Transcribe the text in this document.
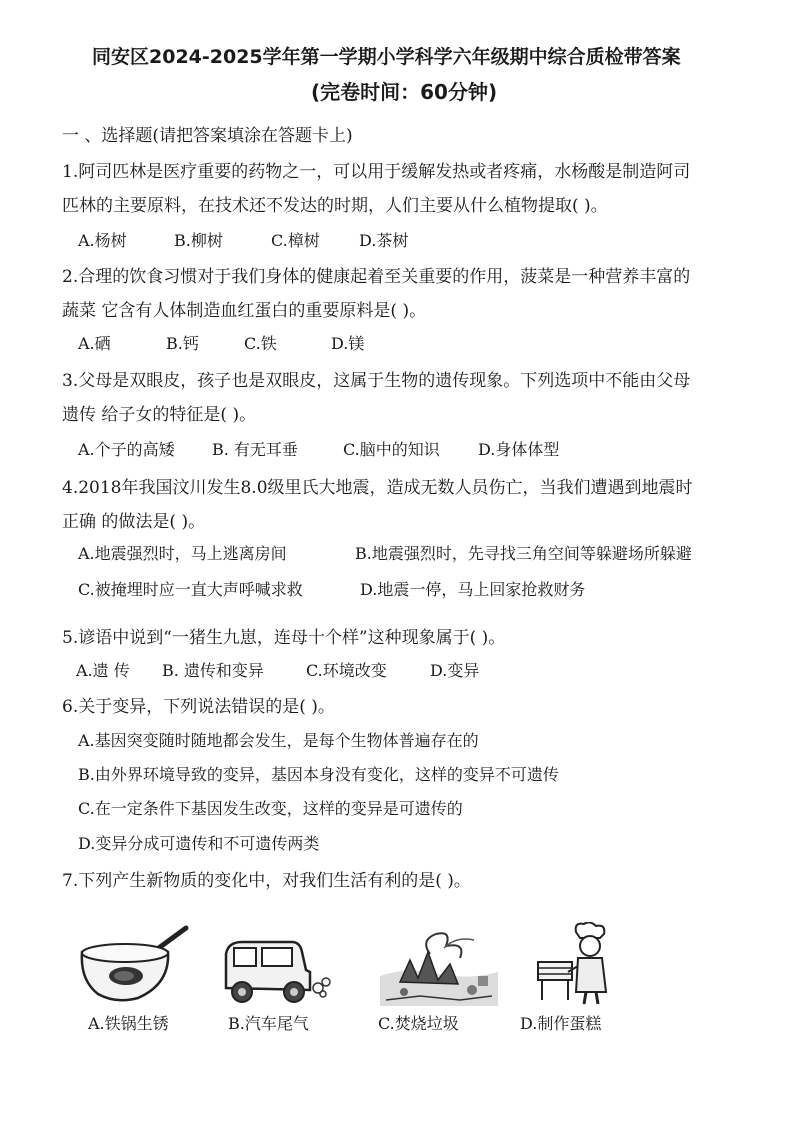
同安区2024-2025学年第一学期小学科学六年级期中综合质检带答案
(完卷时间：60分钟)
一 、选择题(请把答案填涂在答题卡上)
1.阿司匹林是医疗重要的药物之一，可以用于缓解发热或者疼痛，水杨酸是制造阿司
匹林的主要原料，在技术还不发达的时期，人们主要从什么植物提取( )。
A.杨树	B.柳树	C.樟树 D.茶树
2.合理的饮食习惯对于我们身体的健康起着至关重要的作用，菠菜是一种营养丰富的
蔬菜 它含有人体制造血红蛋白的重要原料是( )。
A.硒	B.钙	C.铁	D.镁
3.父母是双眼皮，孩子也是双眼皮，这属于生物的遗传现象。下列选项中不能由父母
遗传 给子女的特征是( )。
A.个子的高矮 B. 有无耳垂	C.脑中的知识 D.身体体型
4.2018年我国汶川发生8.0级里氏大地震，造成无数人员伤亡，当我们遭遇到地震时
正确 的做法是( )。
A.地震强烈时，马上逃离房间	B.地震强烈时，先寻找三角空间等躲避场所躲避
C.被掩埋时应一直大声呼喊求救	D.地震一停，马上回家抢救财务
5.谚语中说到“一猪生九崽，连母十个样”这种现象属于( )。
A.遗 传 B. 遗传和变异	C.环境改变	D.变异
6.关于变异，下列说法错误的是( )。
A.基因突变随时随地都会发生，是每个生物体普遍存在的
B.由外界环境导致的变异，基因本身没有变化，这样的变异不可遗传
C.在一定条件下基因发生改变，这样的变异是可遗传的
D.变异分成可遗传和不可遗传两类
7.下列产生新物质的变化中，对我们生活有利的是( )。
A.铁锅生锈	B.汽车尾气	C.焚烧垃圾	D.制作蛋糕
